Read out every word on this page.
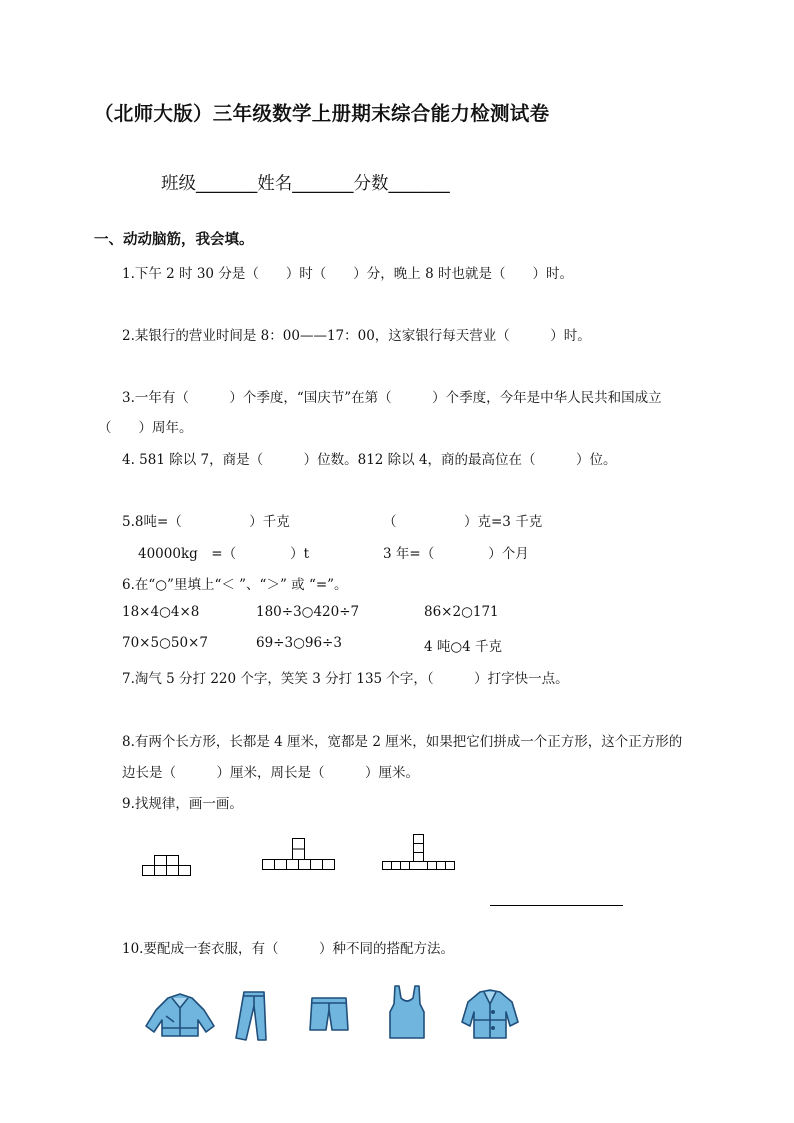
（北师大版）三年级数学上册期末综合能力检测试卷
班级_______姓名_______分数_______
一、动动脑筋，我会填。
1.下午 2 时 30 分是（　　）时（　　）分，晚上 8 时也就是（　　）时。
2.某银行的营业时间是 8：00——17：00，这家银行每天营业（　　　）时。
3.一年有（　　　）个季度，“国庆节”在第（　　　）个季度，今年是中华人民共和国成立
（　　）周年。
4. 581 除以 7，商是（　　　）位数。812 除以 4，商的最高位在（　　　）位。
5.8吨=（　　　　　）千克	（　　　　　）克=3 千克
40000kg　=（　　　　）t	3 年=（　　　　）个月
6.在“○”里填上“＜ ”、“＞” 或 “=”。
18×4○4×8	180÷3○420÷7	86×2○171
70×5○50×7	69÷3○96÷3	4 吨○4 千克
7.淘气 5 分打 220 个字，笑笑 3 分打 135 个字，（　　　）打字快一点。
8.有两个长方形，长都是 4 厘米，宽都是 2 厘米，如果把它们拼成一个正方形，这个正方形的
边长是（　　　）厘米，周长是（　　　）厘米。
9.找规律，画一画。
10.要配成一套衣服，有（　　　）种不同的搭配方法。
